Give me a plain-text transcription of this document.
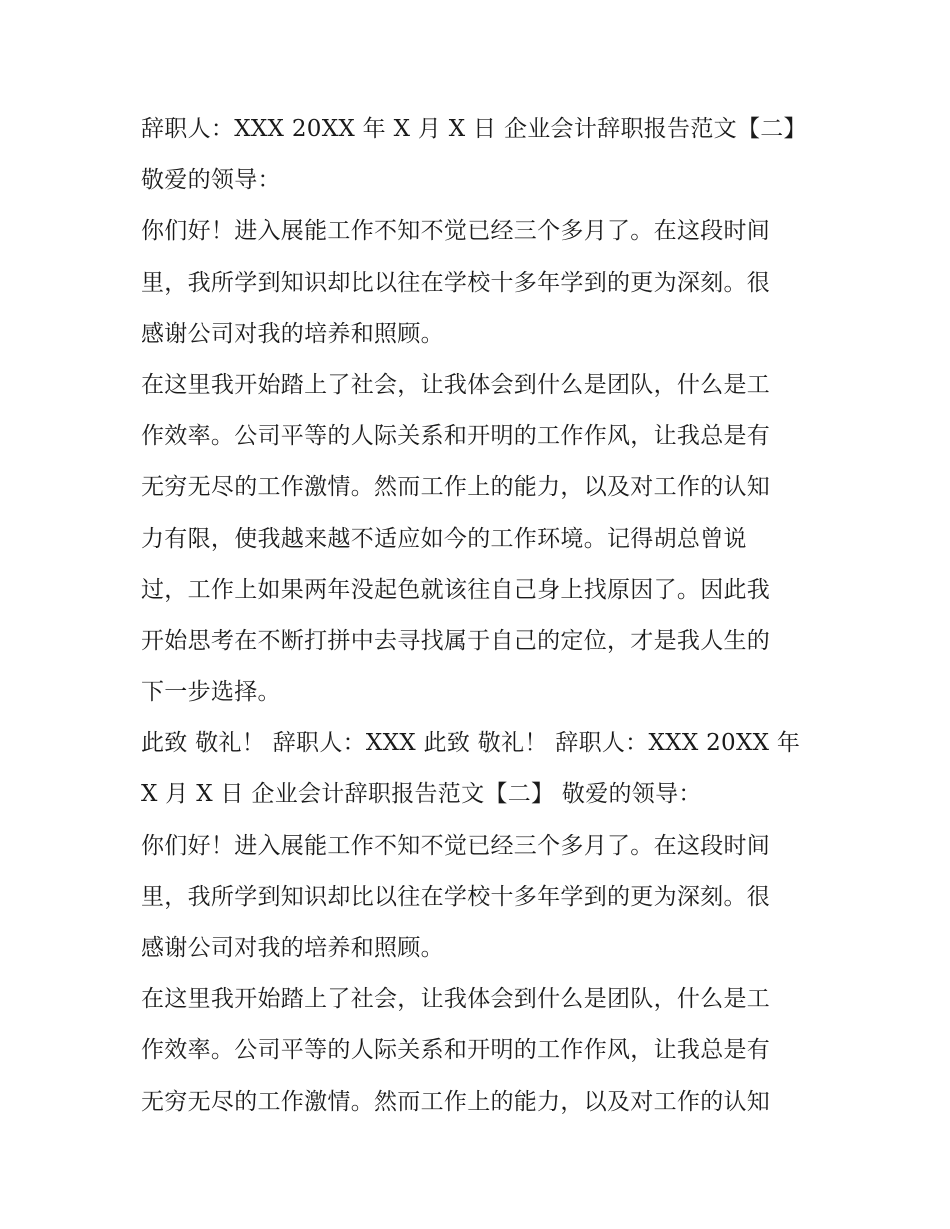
辞职人：XXX 20XX 年 X 月 X 日 企业会计辞职报告范文【二】
敬爱的领导：
你们好！进入展能工作不知不觉已经三个多月了。在这段时间
里，我所学到知识却比以往在学校十多年学到的更为深刻。很
感谢公司对我的培养和照顾。
在这里我开始踏上了社会，让我体会到什么是团队，什么是工
作效率。公司平等的人际关系和开明的工作作风，让我总是有
无穷无尽的工作激情。然而工作上的能力，以及对工作的认知
力有限，使我越来越不适应如今的工作环境。记得胡总曾说
过，工作上如果两年没起色就该往自己身上找原因了。因此我
开始思考在不断打拼中去寻找属于自己的定位，才是我人生的
下一步选择。
此致 敬礼！ 辞职人：XXX 此致 敬礼！ 辞职人：XXX 20XX 年
X 月 X 日 企业会计辞职报告范文【二】 敬爱的领导：
你们好！进入展能工作不知不觉已经三个多月了。在这段时间
里，我所学到知识却比以往在学校十多年学到的更为深刻。很
感谢公司对我的培养和照顾。
在这里我开始踏上了社会，让我体会到什么是团队，什么是工
作效率。公司平等的人际关系和开明的工作作风，让我总是有
无穷无尽的工作激情。然而工作上的能力，以及对工作的认知
